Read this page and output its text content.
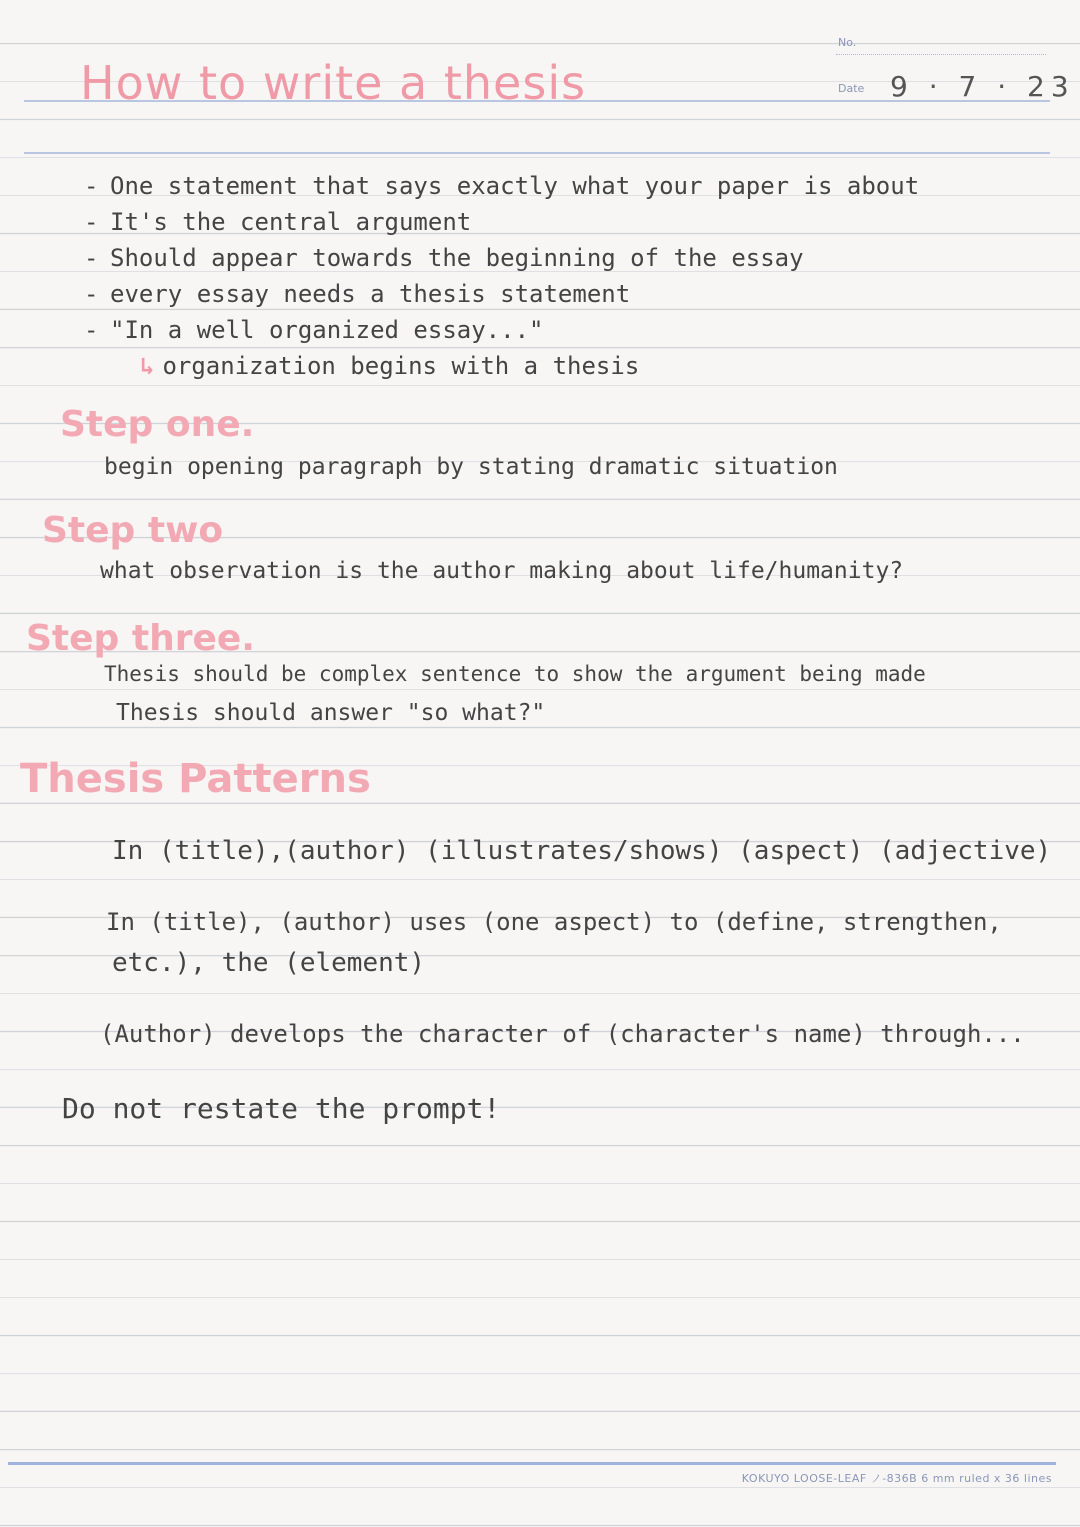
How to write a thesis
No.
Date 9 · 7 · 23
- One statement that says exactly what your paper is about
- It's the central argument
- Should appear towards the beginning of the essay
- every essay needs a thesis statement
- "In a well organized essay..."
↳ organization begins with a thesis
Step one.
begin opening paragraph by stating dramatic situation
Step two
what observation is the author making about life/humanity?
Step three.
Thesis should be complex sentence to show the argument being made
Thesis should answer "so what?"
Thesis Patterns
In (title),(author) (illustrates/shows) (aspect) (adjective)
In (title), (author) uses (one aspect) to (define, strengthen,
etc.), the (element)
(Author) develops the character of (character's name) through...
Do not restate the prompt!
KOKUYO LOOSE-LEAF ノ-836B 6 mm ruled x 36 lines
